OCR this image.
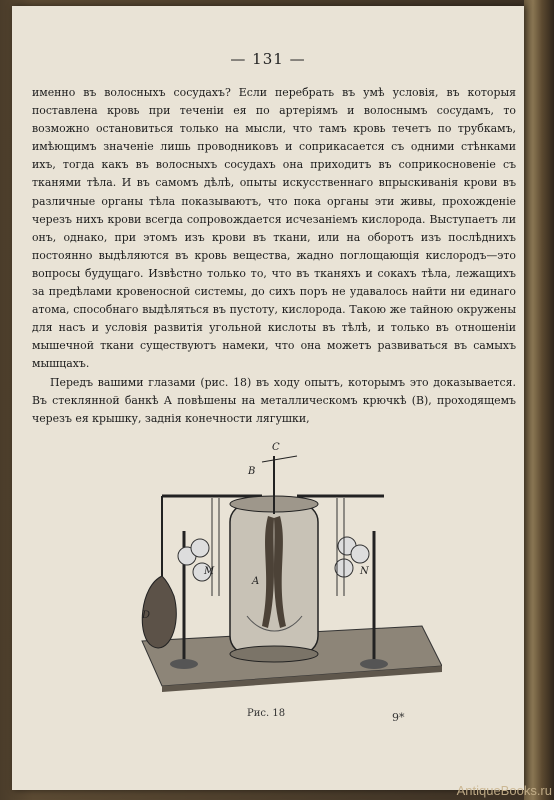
— 131 —

именно въ волосныхъ сосудахъ? Если перебрать въ умѣ условія, въ которыя поставлена кровь при теченіи ея по артеріямъ и волоснымъ сосудамъ, то возможно остановиться только на мысли, что тамъ кровь течетъ по трубкамъ, имѣющимъ значеніе лишь проводниковъ и соприкасается съ одними стѣнками ихъ, тогда какъ въ волосныхъ сосудахъ она приходитъ въ соприкосновеніе съ тканями тѣла. И въ самомъ дѣлѣ, опыты искусственнаго впрыскиванія крови въ различные органы тѣла показываютъ, что пока органы эти живы, прохожденіе черезъ нихъ крови всегда сопровождается исчезаніемъ кислорода. Выступаетъ ли онъ, однако, при этомъ изъ крови въ ткани, или на оборотъ изъ послѣднихъ постоянно выдѣляются въ кровь вещества, жадно поглощающія кислородъ—это вопросы будущаго. Извѣстно только то, что въ тканяхъ и сокахъ тѣла, лежащихъ за предѣлами кровеносной системы, до сихъ поръ не удавалось найти ни единаго атома, способнаго выдѣляться въ пустоту, кислорода. Такою же тайною окружены для насъ и условія развитія угольной кислоты въ тѣлѣ, и только въ отношеніи мышечной ткани существуютъ намеки, что она можетъ развиваться въ самыхъ мышцахъ.

Передъ вашими глазами (рис. 18) въ ходу опытъ, которымъ это доказывается. Въ стеклянной банкѣ А повѣшены на металлическомъ крючкѣ (В), проходящемъ черезъ ея крышку, заднія конечности лягушки,

C
B
A
D
M	N
Рис. 18	9*
AntiqueBooks.ru
